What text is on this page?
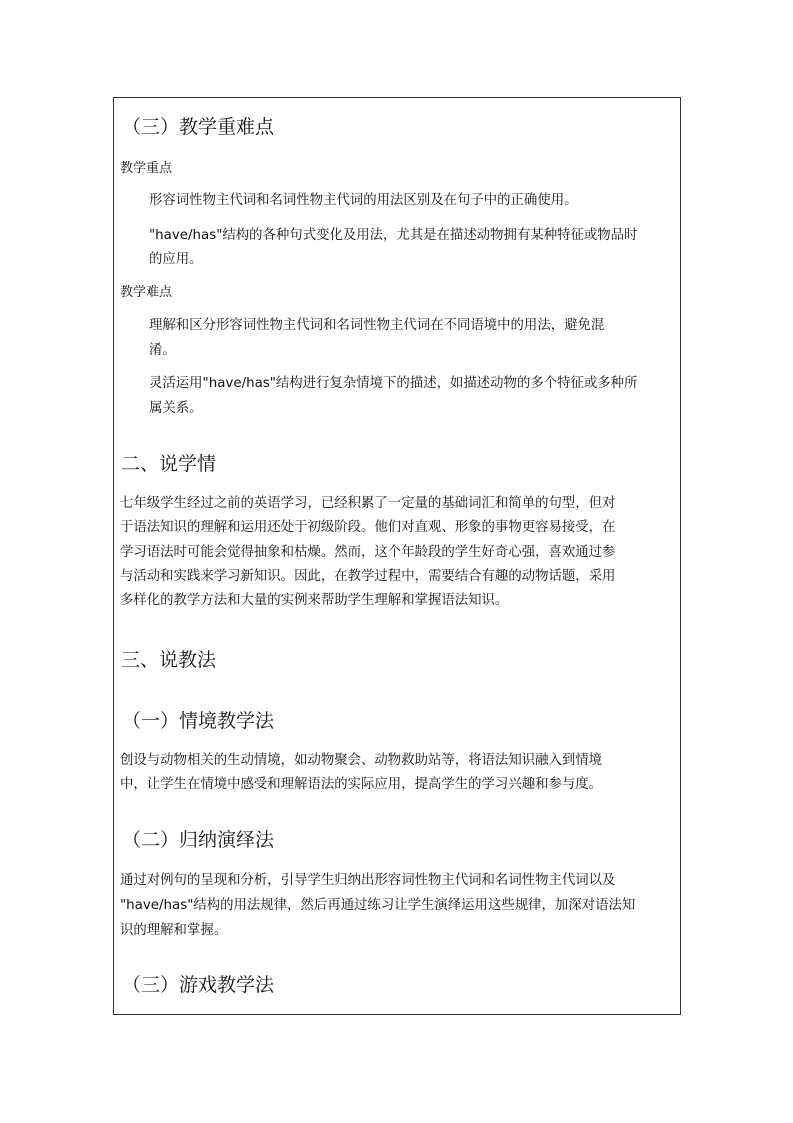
（三）教学重难点
教学重点

形容词性物主代词和名词性物主代词的用法区别及在句子中的正确使用。

"have/has"结构的各种句式变化及用法，尤其是在描述动物拥有某种特征或物品时

的应用。

教学难点

理解和区分形容词性物主代词和名词性物主代词在不同语境中的用法，避免混

淆。

灵活运用"have/has"结构进行复杂情境下的描述，如描述动物的多个特征或多种所

属关系。

二、说学情

七年级学生经过之前的英语学习，已经积累了一定量的基础词汇和简单的句型，但对

于语法知识的理解和运用还处于初级阶段。他们对直观、形象的事物更容易接受，在

学习语法时可能会觉得抽象和枯燥。然而，这个年龄段的学生好奇心强，喜欢通过参

与活动和实践来学习新知识。因此，在教学过程中，需要结合有趣的动物话题，采用

多样化的教学方法和大量的实例来帮助学生理解和掌握语法知识。

三、说教法
（一）情境教学法

创设与动物相关的生动情境，如动物聚会、动物救助站等，将语法知识融入到情境

中，让学生在情境中感受和理解语法的实际应用，提高学生的学习兴趣和参与度。

（二）归纳演绎法

通过对例句的呈现和分析，引导学生归纳出形容词性物主代词和名词性物主代词以及

"have/has"结构的用法规律，然后再通过练习让学生演绎运用这些规律，加深对语法知

识的理解和掌握。

（三）游戏教学法
